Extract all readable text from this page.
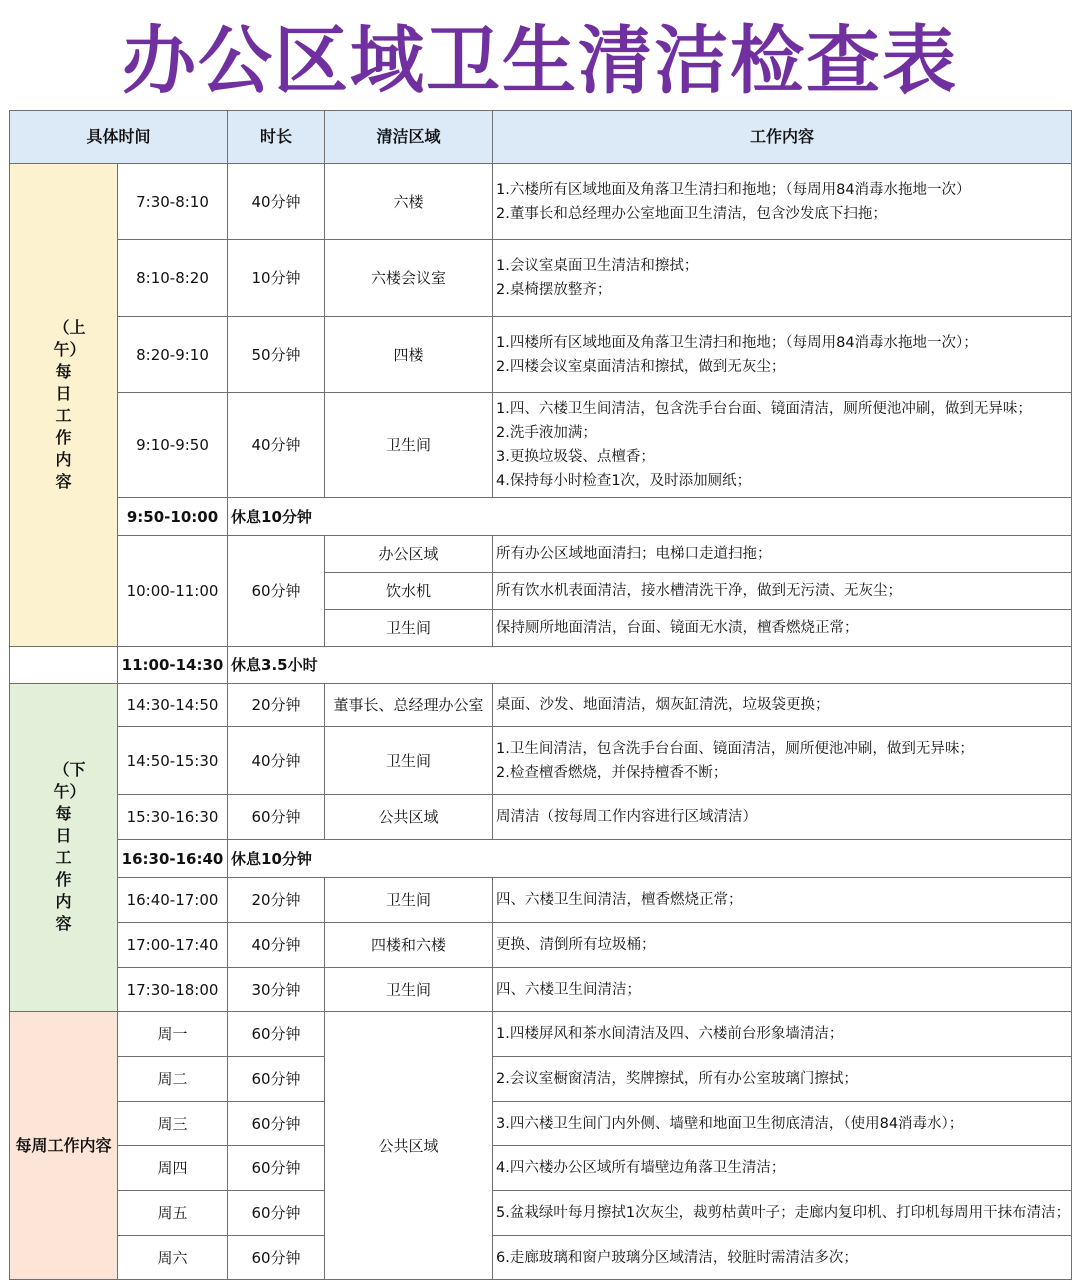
办公区域卫生清洁检查表
具体时间		时长	清洁区域	工作内容
（上午）每日工作内容	7:30-8:10	40分钟	六楼	1.六楼所有区域地面及角落卫生清扫和拖地；（每周用84消毒水拖地一次）
2.董事长和总经理办公室地面卫生清洁，包含沙发底下扫拖；

	8:10-8:20	10分钟	六楼会议室	1.会议室桌面卫生清洁和擦拭；
2.桌椅摆放整齐；

	8:20-9:10	50分钟	四楼	1.四楼所有区域地面及角落卫生清扫和拖地；（每周用84消毒水拖地一次）；
2.四楼会议室桌面清洁和擦拭，做到无灰尘；

	9:10-9:50	40分钟	卫生间	1.四、六楼卫生间清洁，包含洗手台台面、镜面清洁，厕所便池冲刷，做到无异味；
2.洗手液加满；
3.更换垃圾袋、点檀香；
4.保持每小时检查1次，及时添加厕纸；

	9:50-10:00	休息10分钟		
	10:00-11:00	60分钟	办公区域	所有办公区域地面清扫；电梯口走道扫拖；
			饮水机	所有饮水机表面清洁，接水槽清洗干净，做到无污渍、无灰尘；
			卫生间	保持厕所地面清洁，台面、镜面无水渍，檀香燃烧正常；
	11:00-14:30	休息3.5小时		
（下午）每日工作内容	14:30-14:50	20分钟	董事长、总经理办公室	桌面、沙发、地面清洁，烟灰缸清洗，垃圾袋更换；

	14:50-15:30	40分钟	卫生间	1.卫生间清洁，包含洗手台台面、镜面清洁，厕所便池冲刷，做到无异味；
2.检查檀香燃烧，并保持檀香不断；

	15:30-16:30	60分钟	公共区域	周清洁（按每周工作内容进行区域清洁）

	16:30-16:40	休息10分钟		
	16:40-17:00	20分钟	卫生间	四、六楼卫生间清洁，檀香燃烧正常；

	17:00-17:40	40分钟	四楼和六楼	更换、清倒所有垃圾桶；

	17:30-18:00	30分钟	卫生间	四、六楼卫生间清洁；

每周工作内容	周一	60分钟	公共区域	1.四楼屏风和茶水间清洁及四、六楼前台形象墙清洁；
	周二	60分钟		2.会议室橱窗清洁，奖牌擦拭，所有办公室玻璃门擦拭；
	周三	60分钟		3.四六楼卫生间门内外侧、墙壁和地面卫生彻底清洁，（使用84消毒水）；
	周四	60分钟		4.四六楼办公区域所有墙壁边角落卫生清洁；
	周五	60分钟		5.盆栽绿叶每月擦拭1次灰尘，裁剪枯黄叶子；走廊内复印机、打印机每周用干抹布清洁；
	周六	60分钟		6.走廊玻璃和窗户玻璃分区域清洁，较脏时需清洁多次；
